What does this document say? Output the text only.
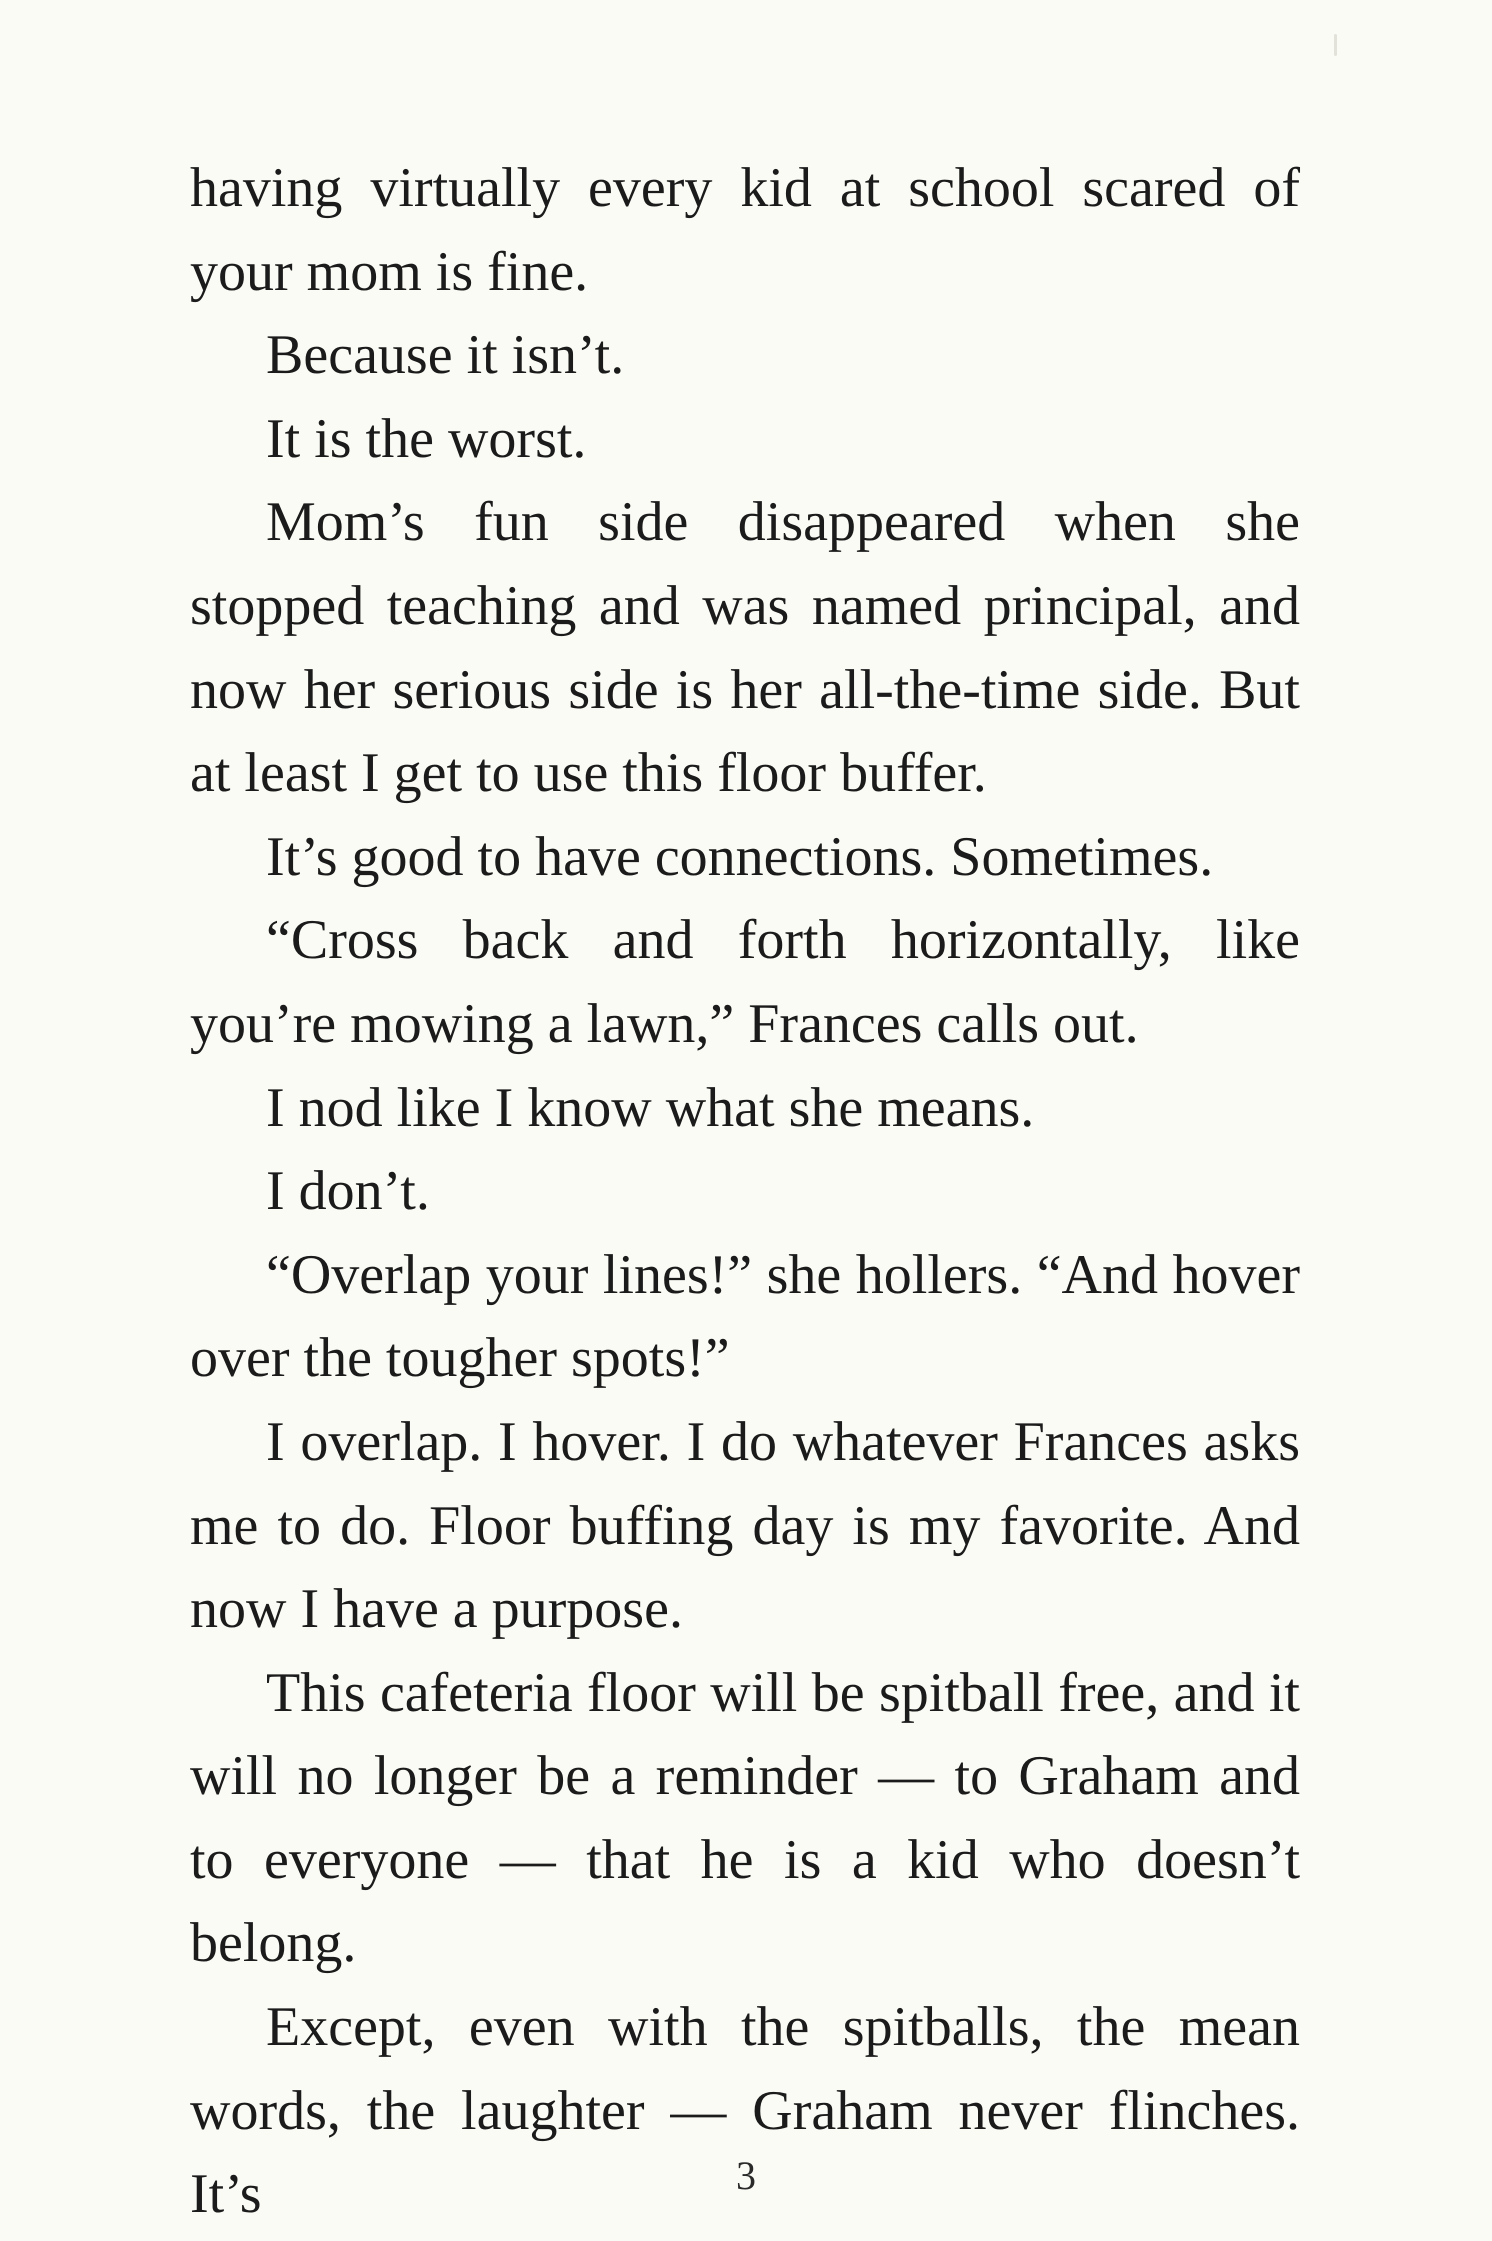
having virtually every kid at school scared of your mom is fine.

Because it isn’t.

It is the worst.

Mom’s fun side disappeared when she stopped teaching and was named principal, and now her serious side is her all-the-time side. But at least I get to use this floor buffer.

It’s good to have connections. Sometimes.

“Cross back and forth horizontally, like you’re mowing a lawn,” Frances calls out.

I nod like I know what she means.

I don’t.

“Overlap your lines!” she hollers. “And hover over the tougher spots!”

I overlap. I hover. I do whatever Frances asks me to do. Floor buffing day is my favorite. And now I have a purpose.

This cafeteria floor will be spitball free, and it will no longer be a reminder — to Graham and to everyone — that he is a kid who doesn’t belong.

Except, even with the spitballs, the mean words, the laughter — Graham never flinches. It’s	3
